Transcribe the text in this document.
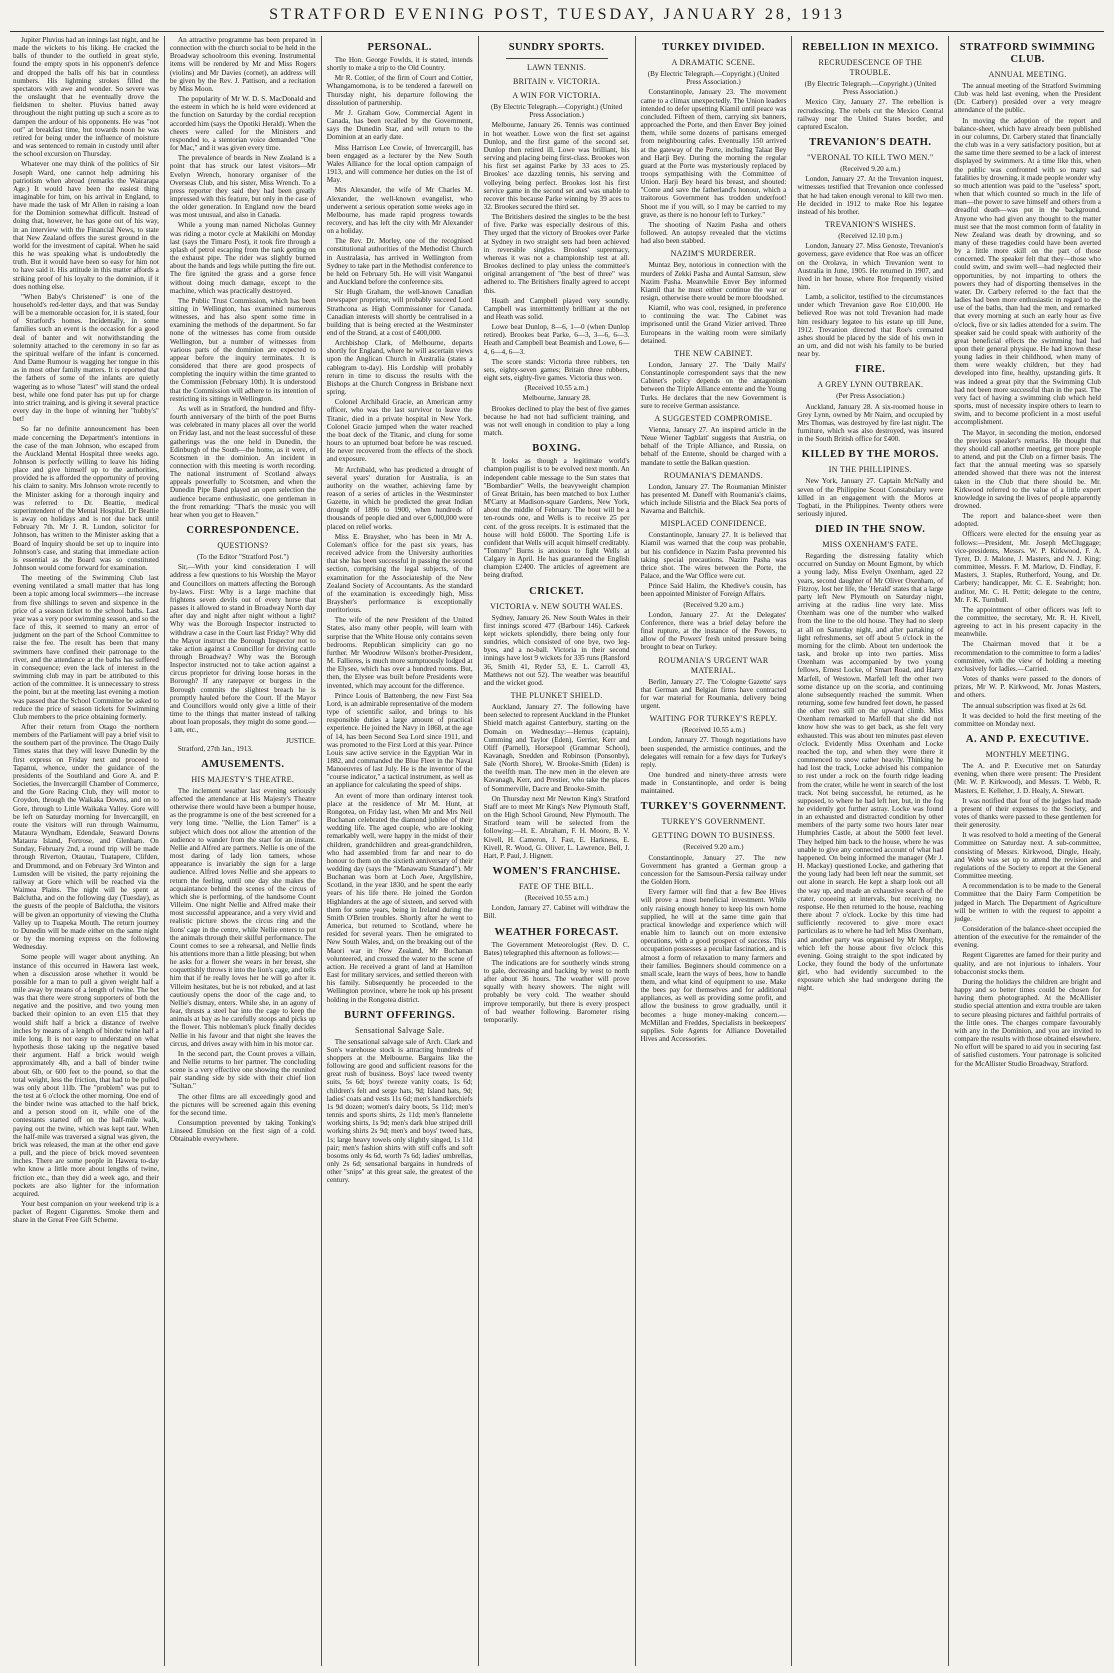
STRATFORD EVENING POST, TUESDAY, JANUARY 28, 1913

Jupiter Pluvius had an innings last night, and he made the wickets to his liking. He cracked the balls of thunder to the outfield in great style, found the empty spots in his opponent's defence and dropped the balls off his bat in countless numbers. His lightning strokes filled the spectators with awe and wonder. So severe was the onslaught that he eventually drove the fieldsmen to shelter. Pluvius batted away throughout the night putting up such a score as to dampen the ardour of his opponents. He was "not out" at breakfast time, but towards noon he was retired for being under the influence of moisture and was sentenced to remain in custody until after the school excursion on Thursday.

Whatever one may think of the politics of Sir Joseph Ward, one cannot help admiring his patriotism when abroad (remarks the Wairarapa Age.) It would have been the easiest thing imaginable for him, on his arrival in England, to have made the task of Mr Allen in raising a loan for the Dominion somewhat difficult. Instead of doing that, however, he has gone out of his way, in an interview with the Financial News, to state that New Zealand offers the surest ground in the world for the investment of capital. When he said this he was speaking what is undoubtedly the truth. But it would have been so easy for him not to have said it. His attitude in this matter affords a striking proof of his loyalty to the dominion, if it does nothing else.

"When Baby's Christened" is one of the household's red-letter days, and that was Sunday will be a memorable occasion for, it is stated, four of Stratford's homes. Incidentally, in some families such an event is the occasion for a good deal of banter and wit notwithstanding the solemnity attached to the ceremony in so far as the spiritual welfare of the infant is concerned. And Dame Rumour is wagging her tongue in this as in most other family matters. It is reported that the fathers of some of the infants are quietly wagering as to whose "latest" will stand the ordeal best, while one fond pater has put up for charge into strict training, and is giving it several practice every day in the hope of winning her "hubby's" bet!

So far no definite announcement has been made concerning the Department's intentions in the case of the man Johnson, who escaped from the Auckland Mental Hospital three weeks ago. Johnson is perfectly willing to leave his hiding place and give himself up to the authorities, provided he is afforded the opportunity of proving his claim to sanity. Mrs Johnson wrote recently to the Minister asking for a thorough inquiry and was referred to Dr. Beattie, medical superintendent of the Mental Hospital. Dr Beattie is away on holidays and is not due back until February 7th. Mr J. R. Lundon, solicitor for Johnson, has written to the Minister asking that a Board of Inquiry should be set up to inquire into Johnson's case, and stating that immediate action is essential as the Board was so constituted Johnson would come forward for examination.

The meeting of the Swimming Club last evening ventilated a small matter that has long been a topic among local swimmers—the increase from five shillings to seven and sixpence in the price of a season ticket to the school baths. Last year was a very poor swimming season, and so the face of this, it seemed to many an error of judgment on the part of the School Committee to raise the fee. The result has been that many swimmers have confined their patronage to the river, and the attendance at the baths has suffered in consequence; even the lack of interest in the swimming club may in part be attributed to this action of the committee. It is unnecessary to stress the point, but at the meeting last evening a motion was passed that the School Committee be asked to reduce the price of season tickets for Swimming Club members to the price obtaining formerly.

After their return from Otago the northern members of the Parliament will pay a brief visit to the southern part of the province. The Otago Daily Times states that they will leave Dunedin by the first express on Friday next and proceed to Tapanui, whence, under the guidance of the presidents of the Southland and Gore A. and P. Societies, the Invercargill Chamber of Commerce, and the Gore Racing Club, they will motor to Croydon, through the Waikaka Downs, and on to Gore, through to Little Waikaka Valley. Gore will be left on Saturday morning for Invercargill, en route the visitors will run through Waimumu, Mataura Wyndham, Edendale, Seaward Downs Mataura Island, Fortrose, and Glenham. On Sunday, February 2nd, a round trip will be made through Riverton, Otautau, Tuatapere, Clifden, and Drummond, and on February 3rd Winton and Lumsden will be visited, the party rejoining the railway at Gore which will be reached via the Waimea Plains. The night will be spent at Balclutha, and on the following day (Tuesday), as the guests of the people of Balclutha, the visitors will be given an opportunity of viewing the Clutha Valley up to Tuapeka Mouth. The return journey to Dunedin will be made either on the same night or by the morning express on the following Wednesday.

Some people will wager about anything. An instance of this occurred in Hawera last week, when a discussion arose whether it would be possible for a man to pull a given weight half a mile away by means of a length of twine. The bet was that there were strong supporters of both the negative and the positive, and two young men backed their opinion to an even £15 that they would shift half a brick a distance of twelve inches by means of a length of binder twine half a mile long. It is not easy to understand on what hypothesis those taking up the negative based their argument. Half a brick would weigh approximately 4lb, and a ball of binder twine about 6lb, or 600 feet to the pound, so that the total weight, less the friction, that had to be pulled was only about 11lb. The "problem" was put to the test at 6 o'clock the other morning. One end of the binder twine was attached to the half brick, and a person stood on it, while one of the contestants started off on the half-mile walk, paying out the twine, which was kept taut. When the half-mile was traversed a signal was given, the brick was released, the man at the other end gave a pull, and the piece of brick moved seventeen inches. There are some people in Hawera to-day who know a little more about lengths of twine, friction etc., than they did a week ago, and their pockets are also lighter for the information acquired.

Your best companion on your weekend trip is a packet of Regent Cigarettes. Smoke them and share in the Great Free Gift Scheme.

An attractive programme has been prepared in connection with the church social to be held in the Broadway schoolroom this evening. Instrumental items will be rendered by Mr and Miss Rogers (violins) and Mr Davies (cornet), an address will be given by the Rev. J. Pattison, and a recitation by Miss Moon.

The popularity of Mr W. D. S. MacDonald and the esteem in which he is held were evidenced at the function on Saturday by the cordial reception accorded him (says the Opotiki Herald). When the cheers were called for the Ministers and responded to, a stentorian voice demanded "One for Mac," and it was given every time.

The prevalence of beards in New Zealand is a point that has struck our latest visitors—Mr Evelyn Wrench, honorary organiser of the Overseas Club, and his sister, Miss Wrench. To a press reporter they said they had been greatly impressed with this feature, but only in the case of the older generation. In England now the beard was most unusual, and also in Canada.

While a young man named Nicholas Gunney was riding a motor cycle at Makikihi on Monday last (says the Timaru Post), it took fire through a splash of petrol escaping from the tank getting on the exhaust pipe. The rider was slightly burned about the hands and legs while putting the fire out. The fire ignited the grass and a gorse fence without doing much damage, except to the machine, which was practically destroyed.

The Public Trust Commission, which has been sitting in Wellington, has examined numerous witnesses, and has also spent some time in examining the methods of the department. So far none of the witnesses has come from outside Wellington, but a number of witnesses from various parts of the dominion are expected to appear before the inquiry terminates. It is considered that there are good prospects of completing the inquiry within the time granted to the Commission (February 10th). It is understood that the Commission will adhere to its intention of restricting its sittings in Wellington.

As well as in Stratford, the hundred and fifty-fourth anniversary of the birth of the poet Burns was celebrated in many places all over the world on Friday last, and not the least successful of these gatherings was the one held in Dunedin, the Edinburgh of the South—the home, as it were, of Scotsmen in the dominion. An incident in connection with this meeting is worth recording. The national instrument of Scotland always appeals powerfully to Scotsmen, and when the Dunedin Pipe Band played an open selection the audience became enthusiastic, one gentleman in the front remarking: "That's the music you will hear when you get to Heaven."

CORRESPONDENCE.
QUESTIONS?
(To the Editor "Stratford Post.")

Sir,—With your kind consideration I will address a few questions to his Worship the Mayor and Councillors on matters affecting the Borough by-laws. First: Why is a large machine that frightens seven devils out of every horse that passes it allowed to stand in Broadway North day after day and night after night without a light? Why was the Borough Inspector instructed to withdraw a case in the Court last Friday? Why did the Mayor instruct the Borough Inspector not to take action against a Councillor for driving cattle through Broadway? Why was the Borough Inspector instructed not to take action against a circus proprietor for driving loose horses in the Borough? If any ratepayer or burgess in the Borough commits the slightest breach he is promptly hauled before the Court. If the Mayor and Councillors would only give a little of their time to the things that matter instead of talking about loan proposals, they might do some good.—I am, etc.,

JUSTICE.

Stratford, 27th Jan., 1913.

AMUSEMENTS.
HIS MAJESTY'S THEATRE.

The inclement weather last evening seriously affected the attendance at His Majesty's Theatre otherwise there would have been a bumper house, as the programme is one of the best screened for a very long time. "Nellie, the Lion Tamer" is a subject which does not allow the attention of the audience to wander from the start for an instant. Nellie and Alfred are partners. Nellie is one of the most daring of lady lion tamers, whose appearance is invariably the sign for a large audience. Alfred loves Nellie and she appears to return the feeling, until one day she makes the acquaintance behind the scenes of the circus of which she is performing, of the handsome Count Villeim. One night Nellie and Alfred make their most successful appearance, and a very vivid and realistic picture shows the circus ring and the lions' cage in the centre, while Nellie enters to put the animals through their skilful performance. The Count comes to see a rehearsal, and Nellie finds his attentions more than a little pleasing; but when he asks for a flower she wears in her breast, she coquettishly throws it into the lion's cage, and tells him that if he really loves her he will go after it. Villeim hesitates, but he is not rebuked, and at last cautiously opens the door of the cage and, to Nellie's dismay, enters. While she, in an agony of fear, thrusts a steel bar into the cage to keep the animals at bay as he carefully stoops and picks up the flower. This nobleman's pluck finally decides Nellie in his favour and that night she leaves the circus, and drives away with him in his motor car.

In the second part, the Count proves a villain, and Nellie returns to her partner. The concluding scene is a very effective one showing the reunited pair standing side by side with their chief lion "Sultan."

The other films are all exceedingly good and the pictures will be screened again this evening for the second time.

Consumption prevented by taking Tonking's Linseed Emulsion on the first sign of a cold. Obtainable everywhere.

PERSONAL.

The Hon. George Fowlds, it is stated, intends shortly to make a trip to the Old Country.

Mr R. Cottier, of the firm of Court and Cottier, Whangamomona, is to be tendered a farewell on Thursday night, his departure following the dissolution of partnership.

Mr J. Graham Gow, Commercial Agent in Canada, has been recalled by the Government, says the Dunedin Star, and will return to the Dominion at an early date.

Miss Harrison Lee Cowie, of Invercargill, has been engaged as a lecturer by the New South Wales Alliance for the local option campaign of 1913, and will commence her duties on the 1st of May.

Mrs Alexander, the wife of Mr Charles M. Alexander, the well-known evangelist, who underwent a serious operation some weeks ago in Melbourne, has made rapid progress towards recovery, and has left the city with Mr Alexander on a holiday.

The Rev. Dr. Morley, one of the recognised constitutional authorities of the Methodist Church in Australasia, has arrived in Wellington from Sydney to take part in the Methodist conference to be held on February 5th. He will visit Wanganui and Auckland before the conference sits.

Sir Hugh Graham, the well-known Canadian newspaper proprietor, will probably succeed Lord Strathcona as High Commissioner for Canada. Canadian interests will shortly be centralised in a building that is being erected at the Westminster end of the Strand, at a cost of £400,000.

Archbishop Clark, of Melbourne, departs shortly for England, where he will ascertain views upon the Anglican Church in Australia (states a cablegram to-day). His Lordship will probably return in time to discuss the results with the Bishops at the Church Congress in Brisbane next spring.

Colonel Archibald Gracie, an American army officer, who was the last survivor to leave the Titanic, died in a private hospital in New York. Colonel Gracie jumped when the water reached the boat deck of the Titanic, and clung for some hours to an upturned boat before he was rescued. He never recovered from the effects of the shock and exposure.

Mr Archibald, who has predicted a drought of several years' duration for Australia, is an authority on the weather, achieving fame by reason of a series of articles in the Westminster Gazette, in which he predicted the great Indian drought of 1896 to 1900, when hundreds of thousands of people died and over 6,000,000 were placed on relief works.

Miss E. Braysher, who has been in Mr A. Coleman's office for the past six years, has received advice from the University authorities that she has been successful in passing the second section, comprising the legal subjects, of the examination for the Associateship of the New Zealand Society of Accountants. As the standard of the examination is exceedingly high, Miss Braysher's performance is exceptionally meritorious.

The wife of the new President of the United States, also many other people, will learn with surprise that the White House only contains seven bedrooms. Republican simplicity can go no further. Mr Woodrow Wilson's brother-President, M. Fallieres, is much more sumptuously lodged at the Elysee, which has over a hundred rooms. But, then, the Elysee was built before Presidents were invented, which may account for the difference.

Prince Louis of Battenberg, the new First Sea Lord, is an admirable representative of the modern type of scientific sailor, and brings to his responsible duties a large amount of practical experience. He joined the Navy in 1868, at the age of 14, has been Second Sea Lord since 1911, and was promoted to the First Lord at this year. Prince Louis saw active service in the Egyptian War in 1882, and commanded the Blue Fleet in the Naval Manoeuvres of last July. He is the inventor of the "course indicator," a tactical instrument, as well as an appliance for calculating the speed of ships.

An event of more than ordinary interest took place at the residence of Mr M. Hunt, at Rongotea, on Friday last, when Mr and Mrs Neil Buchanan celebrated the diamond jubilee of their wedding life. The aged couple, who are looking remarkably well, were happy in the midst of their children, grandchildren and great-grandchildren, who had assembled from far and near to do honour to them on the sixtieth anniversary of their wedding day (says the "Manawatu Standard"). Mr Buchanan was born at Loch Awe, Argyllshire, Scotland, in the year 1830, and he spent the early years of his life there. He joined the Gordon Highlanders at the age of sixteen, and served with them for some years, being in Ireland during the Smith O'Brien troubles. Shortly after he went to America, but returned to Scotland, where he resided for several years. Then he emigrated to New South Wales, and, on the breaking out of the Maori war in New Zealand, Mr Buchanan volunteered, and crossed the water to the scene of action. He received a grant of land at Hamilton East for military services, and settled thereon with his family. Subsequently he proceeded to the Wellington province, where he took up his present holding in the Rongotea district.

BURNT OFFERINGS.
Sensational Salvage Sale.

The sensational salvage sale of Arch. Clark and Son's warehouse stock is attracting hundreds of shoppers at the Melbourne. Bargains like the following are good and sufficient reasons for the great rush of business. Boys' lace tweed twenty suits, 5s 6d; boys' tweeze vanity coats, 1s 6d; children's felt and serge hats, 9d; Island hats, 9d; ladies' coats and vests 11s 6d; men's handkerchiefs 1s 9d dozen; women's dairy boots, 5s 11d; men's tennis and sports shirts, 2s 11d; men's flannelette working shirts, 1s 9d; men's dark blue striped drill working shirts 2s 9d; men's and boys' tweed hats, 1s; large heavy towels only slightly singed, 1s 11d pair; men's fashion shirts with stiff cuffs and soft bosoms only 4s 6d, worth 7s 6d; ladies' umbrellas, only 2s 6d; sensational bargains in hundreds of other "snips" at this great sale, the greatest of the century.

SUNDRY SPORTS.
LAWN TENNIS.
BRITAIN v. VICTORIA.
A WIN FOR VICTORIA.
(By Electric Telegraph.—Copyright.) (United Press Association.)

Melbourne, January 26. Tennis was continued in hot weather. Lowe won the first set against Dunlop, and the first game of the second set. Dunlop then retired ill. Lowe was brilliant, his serving and placing being first-class. Brookes won his first set against Parke by 33 aces to 25. Brookes' ace dazzling tennis, his serving and volleying being perfect. Brookes lost his first service game in the second set and was unable to recover this because Parke winning by 39 aces to 32. Brookes secured the third set.

The Britishers desired the singles to be the best of five. Parke was especially desirous of this. They urged that the victory of Brookes over Parke at Sydney in two straight sets had been achieved in reversible singles. Brookes' supremacy, whereas it was not a championship test at all. Brookes declined to play unless the committee's original arrangement of "the best of three" was adhered to. The Britishers finally agreed to accept this.

Heath and Campbell played very soundly. Campbell was intermittently brilliant at the net and Heath was solid.

Lowe beat Dunlop, 8—6, 1—0 (when Dunlop retired). Brookes beat Parke, 6—3, 3—6, 6—3. Heath and Campbell beat Beamish and Lowe, 6—4, 6—4, 6—3.

The score stands: Victoria three rubbers, ten sets, eighty-seven games; Britain three rubbers, eight sets, eighty-five games. Victoria thus won.

(Received 10.55 a.m.)
Melbourne, January 28.

Brookes declined to play the best of five games because he had not had sufficient training, and was not well enough in condition to play a long match.

BOXING.

It looks as though a legitimate world's champion pugilist is to be evolved next month. An independent cable message to the Sun states that "Bombardier" Wells, the heavyweight champion of Great Britain, has been matched to box Luther M'Carty at Madison-square Gardens, New York, about the middle of February. The bout will be a ten-rounds one, and Wells is to receive 25 per cent. of the gross receipts. It is estimated that the house will hold £6000. The Sporting Life is confident that Wells will acquit himself creditably. "Tommy" Burns is anxious to fight Wells at Calgary in April. He has guaranteed the English champion £2400. The articles of agreement are being drafted.

CRICKET.
VICTORIA v. NEW SOUTH WALES.

Sydney, January 26. New South Wales in their first innings scored 477 (Barbour 146). Carkeek kept wickets splendidly, there being only four sundries, which consisted of one bye, two leg-byes, and a no-ball. Victoria in their second innings have lost 9 wickets for 335 runs (Ransford 36, Smith 41, Ryder 53, E. L. Carroll 43, Matthews not out 52). The weather was beautiful and the wicket good.

THE PLUNKET SHIELD.

Auckland, January 27. The following have been selected to represent Auckland in the Plunket Shield match against Canterbury, starting on the Domain on Wednesday:—Hemus (captain), Cumming and Taylor (Eden), Gerrier, Kerr and Oliff (Parnell), Horsepool (Grammar School), Kavanagh, Snedden and Robinson (Ponsonby), Sale (North Shore), W. Brooke-Smith (Eden) is the twelfth man. The new men in the eleven are Kavanagh, Kerr, and Prestier, who take the places of Sommerville, Dacre and Brooke-Smith.

On Thursday next Mr Newton King's Stratford Staff are to meet Mr King's New Plymouth Staff, on the High School Ground, New Plymouth. The Stratford team will be selected from the following:—H. E. Abraham, F. H. Moore, B. V. Kivell, H. Cameron, J. Fast, E. Harkness, E. Kivell, R. Wood, G. Oliver, L. Lawrence, Bell, J. Hart, P. Paul, J. Hignett.

WOMEN'S FRANCHISE.
FATE OF THE BILL.
(Received 10.55 a.m.)

London, January 27. Cabinet will withdraw the Bill.

WEATHER FORECAST.

The Government Meteorologist (Rev. D. C. Bates) telegraphed this afternoon as follows:—

The indications are for southerly winds strong to gale, decreasing and backing by west to north after about 36 hours. The weather will prove squally with heavy showers. The night will probably be very cold. The weather should improve temporarily, but there is every prospect of bad weather following. Barometer rising temporarily.

TURKEY DIVIDED.
A DRAMATIC SCENE.
(By Electric Telegraph.—Copyright.) (United Press Association.)

Constantinople, January 23. The movement came to a climax unexpectedly. The Union leaders intended to defer upsetting Kiamil until peace was concluded. Fifteen of them, carrying six banners, approached the Porte, and then Enver Bey joined them, while some dozens of partisans emerged from neighbouring cafes. Eventually 150 arrived at the gateway of the Porte, including Talaat Bey and Harji Bey. During the morning the regular guard at the Porte was mysteriously replaced by troops sympathising with the Committee of Union. Harji Bey heard his breast, and shouted: "Come and save the fatherland's honour, which a traitorous Government has trodden underfoot! Shoot me if you will, so I may be carried to my grave, as there is no honour left to Turkey."

The shooting of Nazim Pasha and others followed. An autopsy revealed that the victims had also been stabbed.

NAZIM'S MURDERER.

Muntaz Bey, notorious in connection with the murders of Zekki Pasha and Auntal Samsun, slew Nazim Pasha. Meanwhile Enver Bey informed Kiamil that he must either continue the war or resign, otherwise there would be more bloodshed.

Kiamil, who was cool, resigned, in preference to continuing the war. The Cabinet was imprisoned until the Grand Vizier arrived. Three Europeans in the waiting room were similarly detained.

THE NEW CABINET.

London, January 27. The 'Daily Mail's' Constantinople correspondent says that the new Cabinet's policy depends on the antagonism between the Triple Alliance entente and the Young Turks. He declares that the new Government is sure to receive German assistance.

A SUGGESTED COMPROMISE.

Vienna, January 27. An inspired article in the 'Neue Wiener Tagblatt' suggests that Austria, on behalf of the Triple Alliance, and Russia, on behalf of the Entente, should be charged with a mandate to settle the Balkan question.

ROUMANIA'S DEMANDS.

London, January 27. The Roumanian Minister has presented M. Daneff with Roumania's claims, which include Silistria and the Black Sea ports of Navarna and Baltchik.

MISPLACED CONFIDENCE.

Constantinople, January 27. It is believed that Kiamil was warned that the coup was probable, but his confidence in Nazim Pasha prevented his taking special precautions. Nazim Pasha was thrice shot. The wires between the Porte, the Palace, and the War Office were cut.

Prince Said Halim, the Khedive's cousin, has been appointed Minister of Foreign Affairs.

(Received 9.20 a.m.)

London, January 27. At the Delegates' Conference, there was a brief delay before the final rupture, at the instance of the Powers, to allow of the Powers' fresh united pressure being brought to bear on Turkey.

ROUMANIA'S URGENT WAR MATERIAL.

Berlin, January 27. The 'Cologne Gazette' says that German and Belgian firms have contracted for war material for Roumania, delivery being urgent.

WAITING FOR TURKEY'S REPLY.
(Received 10.55 a.m.)

London, January 27. Though negotiations have been suspended, the armistice continues, and the delegates will remain for a few days for Turkey's reply.

One hundred and ninety-three arrests were made in Constantinople, and order is being maintained.

TURKEY'S GOVERNMENT.
TURKEY'S GOVERNMENT.
GETTING DOWN TO BUSINESS.
(Received 9.20 a.m.)

Constantinople, January 27. The new Government has granted a German group a concession for the Samsoun-Persia railway under the Golden Horn.

Every farmer will find that a few Bee Hives will prove a most beneficial investment. While only raising enough honey to keep his own home supplied, he will at the same time gain that practical knowledge and experience which will enable him to launch out on more extensive operations, with a good prospect of success. This occupation possesses a peculiar fascination, and is almost a form of relaxation to many farmers and their families. Beginners should commence on a small scale, learn the ways of bees, how to handle them, and what kind of equipment to use. Make the bees pay for themselves and for additional appliances, as well as providing some profit, and allow the business to grow gradually, until it becomes a huge money-making concern.—McMillan and Freddes, Specialists in beekeepers' supplies. Sole Agents for Alliance Dovetailed Hives and Accessories.

REBELLION IN MEXICO.
RECRUDESCENCE OF THE TROUBLE.
(By Electric Telegraph.—Copyright.) (United Press Association.)

Mexico City, January 27. The rebellion is recrudescing. The rebels cut the Mexico Central railway near the United States border, and captured Escalon.

TREVANION'S DEATH.
"VERONAL TO KILL TWO MEN."
(Received 9.20 a.m.)

London, January 27. At the Trevanion inquest, witnesses testified that Trevanion once confessed that he had taken enough veronal to kill two men. He decided in 1912 to make Roe his legatee instead of his brother.

TREVANION'S WISHES.
(Received 12.10 p.m.)

London, January 27. Miss Genoste, Trevanion's governess, gave evidence that Roe was an officer on the Orolava, in which Trevanion went to Australia in June, 1905. He returned in 1907, and lived in her house, where Roe frequently visited him.

Lamb, a solicitor, testified to the circumstances under which Trevanion gave Roe £10,000. He believed Roe was not told Trevanion had made him residuary legatee to his estate up till June, 1912. Trevanion directed that Roe's cremated ashes should be placed by the side of his own in an urn, and did not wish his family to be buried near by.

FIRE.
A GREY LYNN OUTBREAK.
(Per Press Association.)

Auckland, January 28. A six-roomed house in Grey Lynn, owned by Mr Nairn, and occupied by Mrs Thomas, was destroyed by fire last night. The furniture, which was also destroyed, was insured in the South British office for £400.

KILLED BY THE MOROS.
IN THE PHILLIPINES.

New York, January 27. Captain McNally and seven of the Philippine Scout Constabulary were killed in an engagement with the Moros at Togbati, in the Philippines. Twenty others were seriously injured.

DIED IN THE SNOW.
MISS OXENHAM'S FATE.

Regarding the distressing fatality which occurred on Sunday on Mount Egmont, by which a young lady, Miss Evelyn Oxenham, aged 22 years, second daughter of Mr Oliver Oxenham, of Fitzroy, lost her life, the 'Herald' states that a large party left New Plymouth on Saturday night, arriving at the radius line very late. Miss Oxenham was one of the number who walked from the line to the old house. They had no sleep at all on Saturday night, and after partaking of light refreshments, set off about 5 o'clock in the morning for the climb. About ten undertook the task, and broke up into two parties. Miss Oxenham was accompanied by two young fellows, Ernest Locke, of Smart Road, and Harry Marfell, of Westown. Marfell left the other two some distance up on the scoria, and continuing alone subsequently reached the summit. When returning, some few hundred feet down, he passed the other two still on the upward climb. Miss Oxenham remarked to Marfell that she did not know how she was to get back, as she felt very exhausted. This was about ten minutes past eleven o'clock. Evidently Miss Oxenham and Locke reached the top, and when they were there it commenced to snow rather heavily. Thinking he had lost the track, Locke advised his companion to rest under a rock on the fourth ridge leading from the crater, while he went in search of the lost track. Not being successful, he returned, as he supposed, to where he had left her, but, in the fog he evidently got further astray. Locke was found in an exhausted and distracted condition by other members of the party some two hours later near Humphries Castle, at about the 5000 feet level. They helped him back to the house, where he was unable to give any connected account of what had happened. On being informed the manager (Mr J. H. Mackay) questioned Locke, and gathering that the young lady had been left near the summit, set out alone in search. He kept a sharp look out all the way up, and made an exhaustive search of the crater, cooeeing at intervals, but receiving no response. He then returned to the house, reaching there about 7 o'clock. Locke by this time had sufficiently recovered to give more exact particulars as to where he had left Miss Oxenham, and another party was organised by Mr Murphy, which left the house about five o'clock this evening. Going straight to the spot indicated by Locke, they found the body of the unfortunate girl, who had evidently succumbed to the exposure which she had undergone during the night.

STRATFORD SWIMMING CLUB.
ANNUAL MEETING.

The annual meeting of the Stratford Swimming Club was held last evening, when the President (Dr. Carbery) presided over a very meagre attendance of the public.

In moving the adoption of the report and balance-sheet, which have already been published in our columns, Dr. Carbery stated that financially the club was in a very satisfactory position, but at the same time there seemed to be a lack of interest displayed by swimmers. At a time like this, when the public was confronted with so many sad fatalities by drowning, it made people wonder why so much attention was paid to the "useless" sport, when that which counted so much in the life of man—the power to save himself and others from a dreadful death—was put in the background. Anyone who had given any thought to the matter must see that the most common form of fatality in New Zealand was death by drowning, and so many of these tragedies could have been averted by a little more skill on the part of those concerned. The speaker felt that they—those who could swim, and swim well—had neglected their opportunities, by not imparting to others the powers they had of disporting themselves in the water. Dr. Carbery referred to the fact that the ladies had been more enthusiastic in regard to the use of the baths, than had the men, and remarked that every morning at such an early hour as five o'clock, five or six ladies attended for a swim. The speaker said he could speak with authority of the great beneficial effects the swimming had had upon their general physique. He had known these young ladies in their childhood, when many of them were weakly children, but they had developed into fine, healthy, upstanding girls. It was indeed a great pity that the Swimming Club had not been more successful than in the past. The very fact of having a swimming club which held sports, must of necessity inspire others to learn to swim, and to become proficient in a most useful accomplishment.

The Mayor, in seconding the motion, endorsed the previous speaker's remarks. He thought that they should call another meeting, get more people to attend, and put the Club on a firmer basis. The fact that the annual meeting was so sparsely attended showed that there was not the interest taken in the Club that there should be. Mr. Kirkwood referred to the value of a little expert knowledge in saving the lives of people apparently drowned.

The report and balance-sheet were then adopted.

Officers were elected for the ensuing year as follows:—President, Mr. Joseph McCluggage; vice-presidents, Messrs. W. P. Kirkwood, F. A. Tyrer, D. J. Malone, J. Masters, and N. J. King; committee, Messrs. F. M. Marlow, D. Findlay, F. Masters, J. Staples, Rutherford, Young, and Dr. Carbery; handicapper, Mr. C. E. Seabright; hon. auditor, Mr. C. H. Pettit; delegate to the centre, Mr. F. K. Turnbull.

The appointment of other officers was left to the committee, the secretary, Mr. R. H. Kivell, agreeing to act in his present capacity in the meanwhile.

The Chairman moved that it be a recommendation to the committee to form a ladies' committee, with the view of holding a meeting exclusively for ladies.—Carried.

Votes of thanks were passed to the donors of prizes, Mr W. P. Kirkwood, Mr. Jonas Masters, and others.

The annual subscription was fixed at 2s 6d.

It was decided to hold the first meeting of the committee on Monday next.

A. AND P. EXECUTIVE.
MONTHLY MEETING.

The A. and P. Executive met on Saturday evening, when there were present: The President (Mr. W. P. Kirkwood), and Messrs. T. Webb, R. Masters, E. Kelleher, J. D. Healy, A. Stewart.

It was notified that four of the judges had made a present of their expenses to the Society, and votes of thanks were passed to these gentlemen for their generosity.

It was resolved to hold a meeting of the General Committee on Saturday next. A sub-committee, consisting of Messrs. Kirkwood, Dingle, Healy, and Webb was set up to attend the revision and regulations of the Society to report at the General Committee meeting.

A recommendation is to be made to the General Committee that the Dairy Farm Competition be judged in March. The Department of Agriculture will be written to with the request to appoint a judge.

Consideration of the balance-sheet occupied the attention of the executive for the remainder of the evening.

Regent Cigarettes are famed for their purity and quality, and are not injurious to inhalers. Your tobacconist stocks them.

During the holidays the children are bright and happy and so better times could be chosen for having them photographed. At the McAllister studio special attention and extra trouble are taken to secure pleasing pictures and faithful portraits of the little ones. The charges compare favourably with any in the Dominion, and you are invited to compare the results with those obtained elsewhere. No effort will be spared to aid you in securing fast of satisfied customers. Your patronage is solicited for the McAllister Studio Broadway, Stratford.
